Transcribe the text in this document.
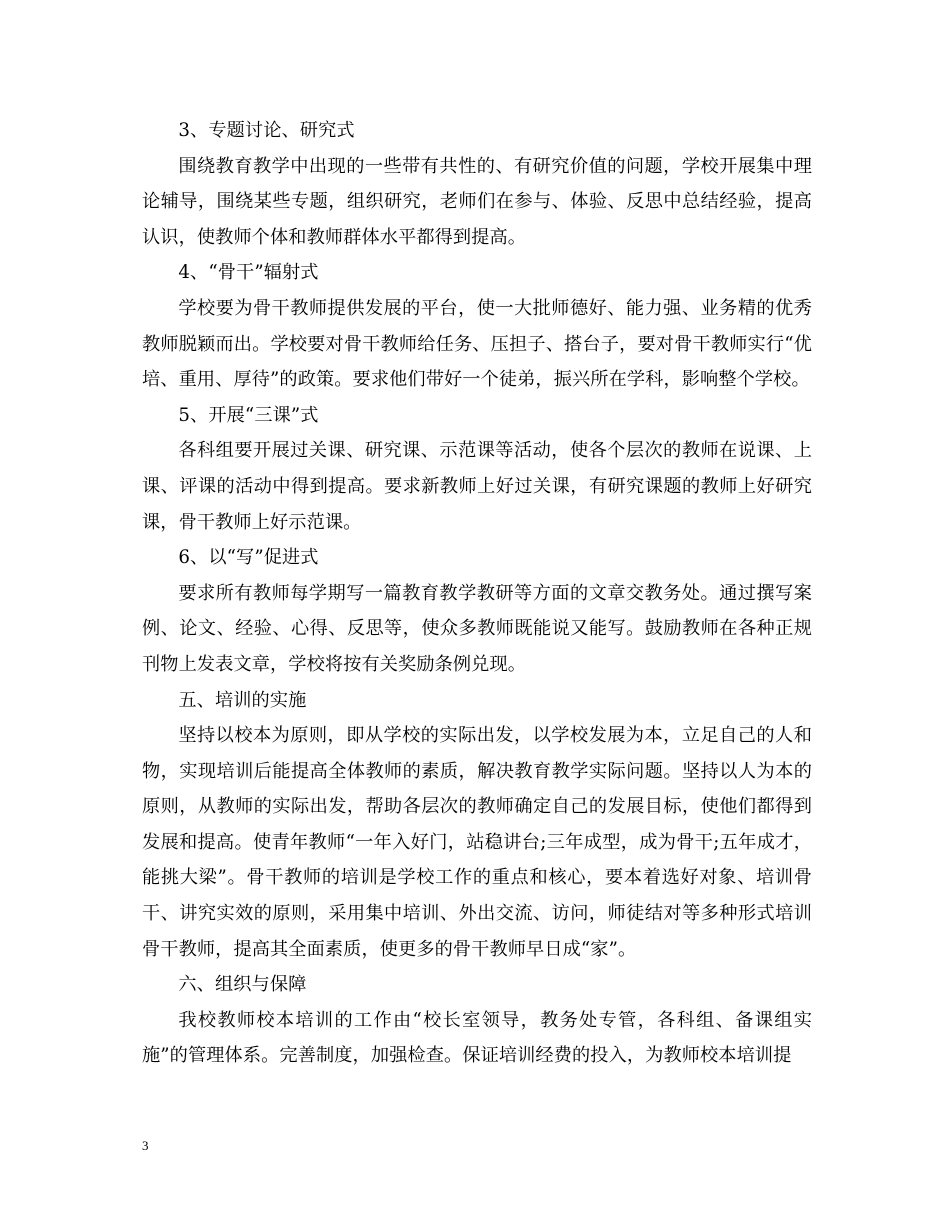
3、专题讨论、研究式

围绕教育教学中出现的一些带有共性的、有研究价值的问题，学校开展集中理论辅导，围绕某些专题，组织研究，老师们在参与、体验、反思中总结经验，提高认识，使教师个体和教师群体水平都得到提高。

4、“骨干”辐射式

学校要为骨干教师提供发展的平台，使一大批师德好、能力强、业务精的优秀教师脱颖而出。学校要对骨干教师给任务、压担子、搭台子，要对骨干教师实行“优培、重用、厚待”的政策。要求他们带好一个徒弟，振兴所在学科，影响整个学校。

5、开展“三课”式

各科组要开展过关课、研究课、示范课等活动，使各个层次的教师在说课、上课、评课的活动中得到提高。要求新教师上好过关课，有研究课题的教师上好研究课，骨干教师上好示范课。

6、以“写”促进式

要求所有教师每学期写一篇教育教学教研等方面的文章交教务处。通过撰写案例、论文、经验、心得、反思等，使众多教师既能说又能写。鼓励教师在各种正规刊物上发表文章，学校将按有关奖励条例兑现。

五、培训的实施

坚持以校本为原则，即从学校的实际出发，以学校发展为本，立足自己的人和物，实现培训后能提高全体教师的素质，解决教育教学实际问题。坚持以人为本的原则，从教师的实际出发，帮助各层次的教师确定自己的发展目标，使他们都得到发展和提高。使青年教师“一年入好门，站稳讲台;三年成型，成为骨干;五年成才，能挑大梁”。骨干教师的培训是学校工作的重点和核心，要本着选好对象、培训骨干、讲究实效的原则，采用集中培训、外出交流、访问，师徒结对等多种形式培训骨干教师，提高其全面素质，使更多的骨干教师早日成“家”。

六、组织与保障

我校教师校本培训的工作由“校长室领导，教务处专管，各科组、备课组实施”的管理体系。完善制度，加强检查。保证培训经费的投入，为教师校本培训提

3
